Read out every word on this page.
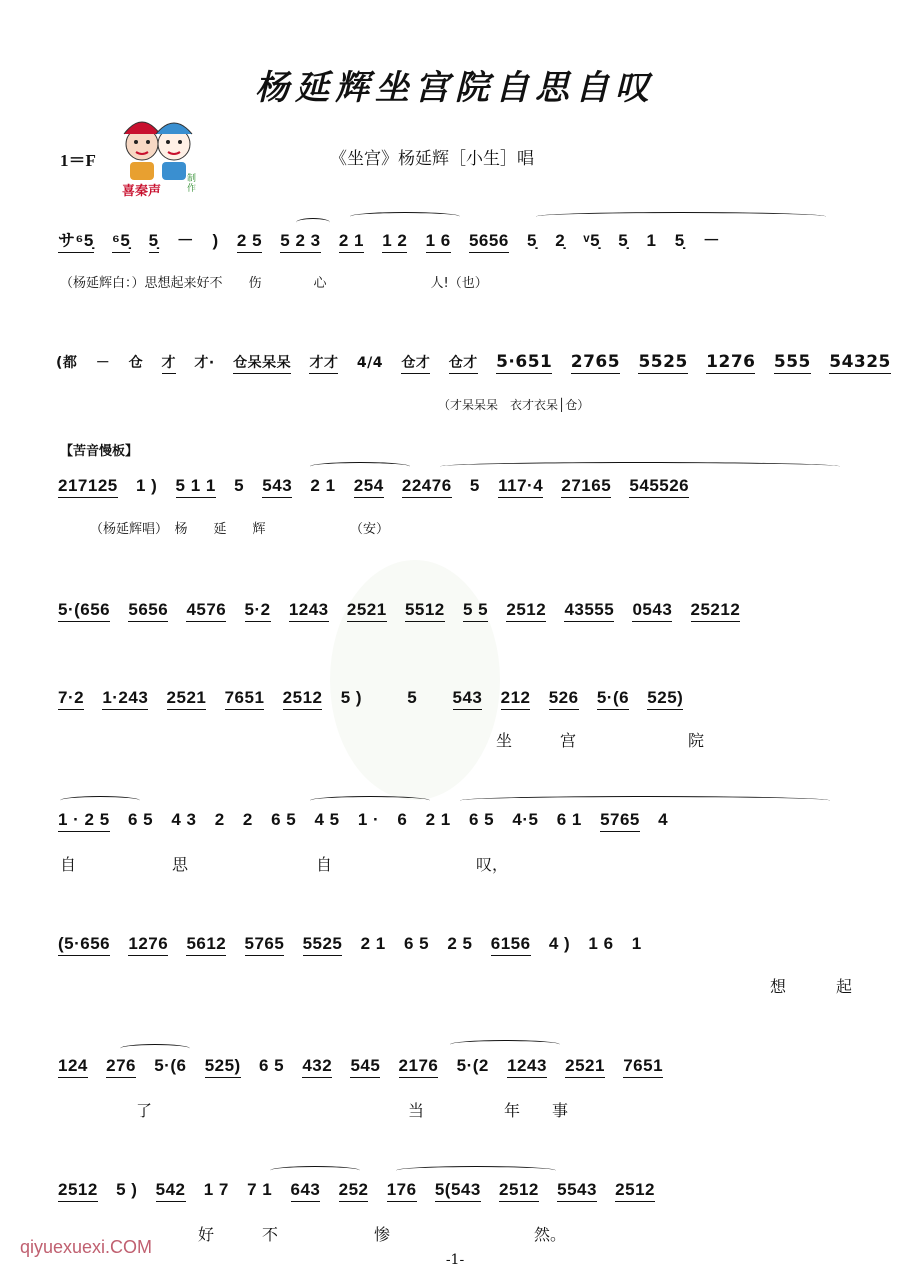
杨延辉坐宫院自思自叹
喜秦声
制作
1＝F	《坐宫》杨延辉［小生］唱
サ⁶5̣ ⁶5̣ 5̣ － ) 2 5 5 2 3 2 1 1 2 1 6 5656 5̣ 2̣ ᵛ5̣ 5̣ 1 5̣ －
（杨延辉白：）思想起来好不　　伤　　　　心　　　　　　　　人!（也）
(都 － 仓 才 才· 仓呆呆呆 才才 4/4 仓才 仓才 5·651 2765 5525 1276 555 54325
（才呆呆呆　衣才衣呆│仓）
【苦音慢板】
217125 1 ) 5 1 1 5 543 2 1 254 22476 5 117·4 27165 545526
（杨延辉唱）　杨　　延　　辉　　　　　　　（安）
5·(656 5656 4576 5·2 1243 2521 5512 5 5 2512 43555 0543 25212
7·2 1·243 2521 7651 2512 5 )	5 543 212 526 5·(6 525)
坐　　　宫　　　　　　　院
1 · 2 5 6 5 4 3 2 2 6 5 4 5 1 · 6 2 1 6 5 4·5 6 1 5765 4
自　　　　　　思　　　　　　　　自　　　　　　　　　叹，
(5·656 1276 5612 5765 5525 2 1 6 5 2 5 6156 4 ) 1 6 1
想　　起
124 276 5·(6 525) 6 5 432 545 2176 5·(2 1243 2521 7651
了　　　　　　　　　　　　　　　　当　　　　　年　　事
2512 5 ) 542 1 7 7 1 643 252 176 5(543 2512 5543 2512
好　　　不　　　　　　惨　　　　　　　　　然。
qiyuexuexi.COM
-1-
